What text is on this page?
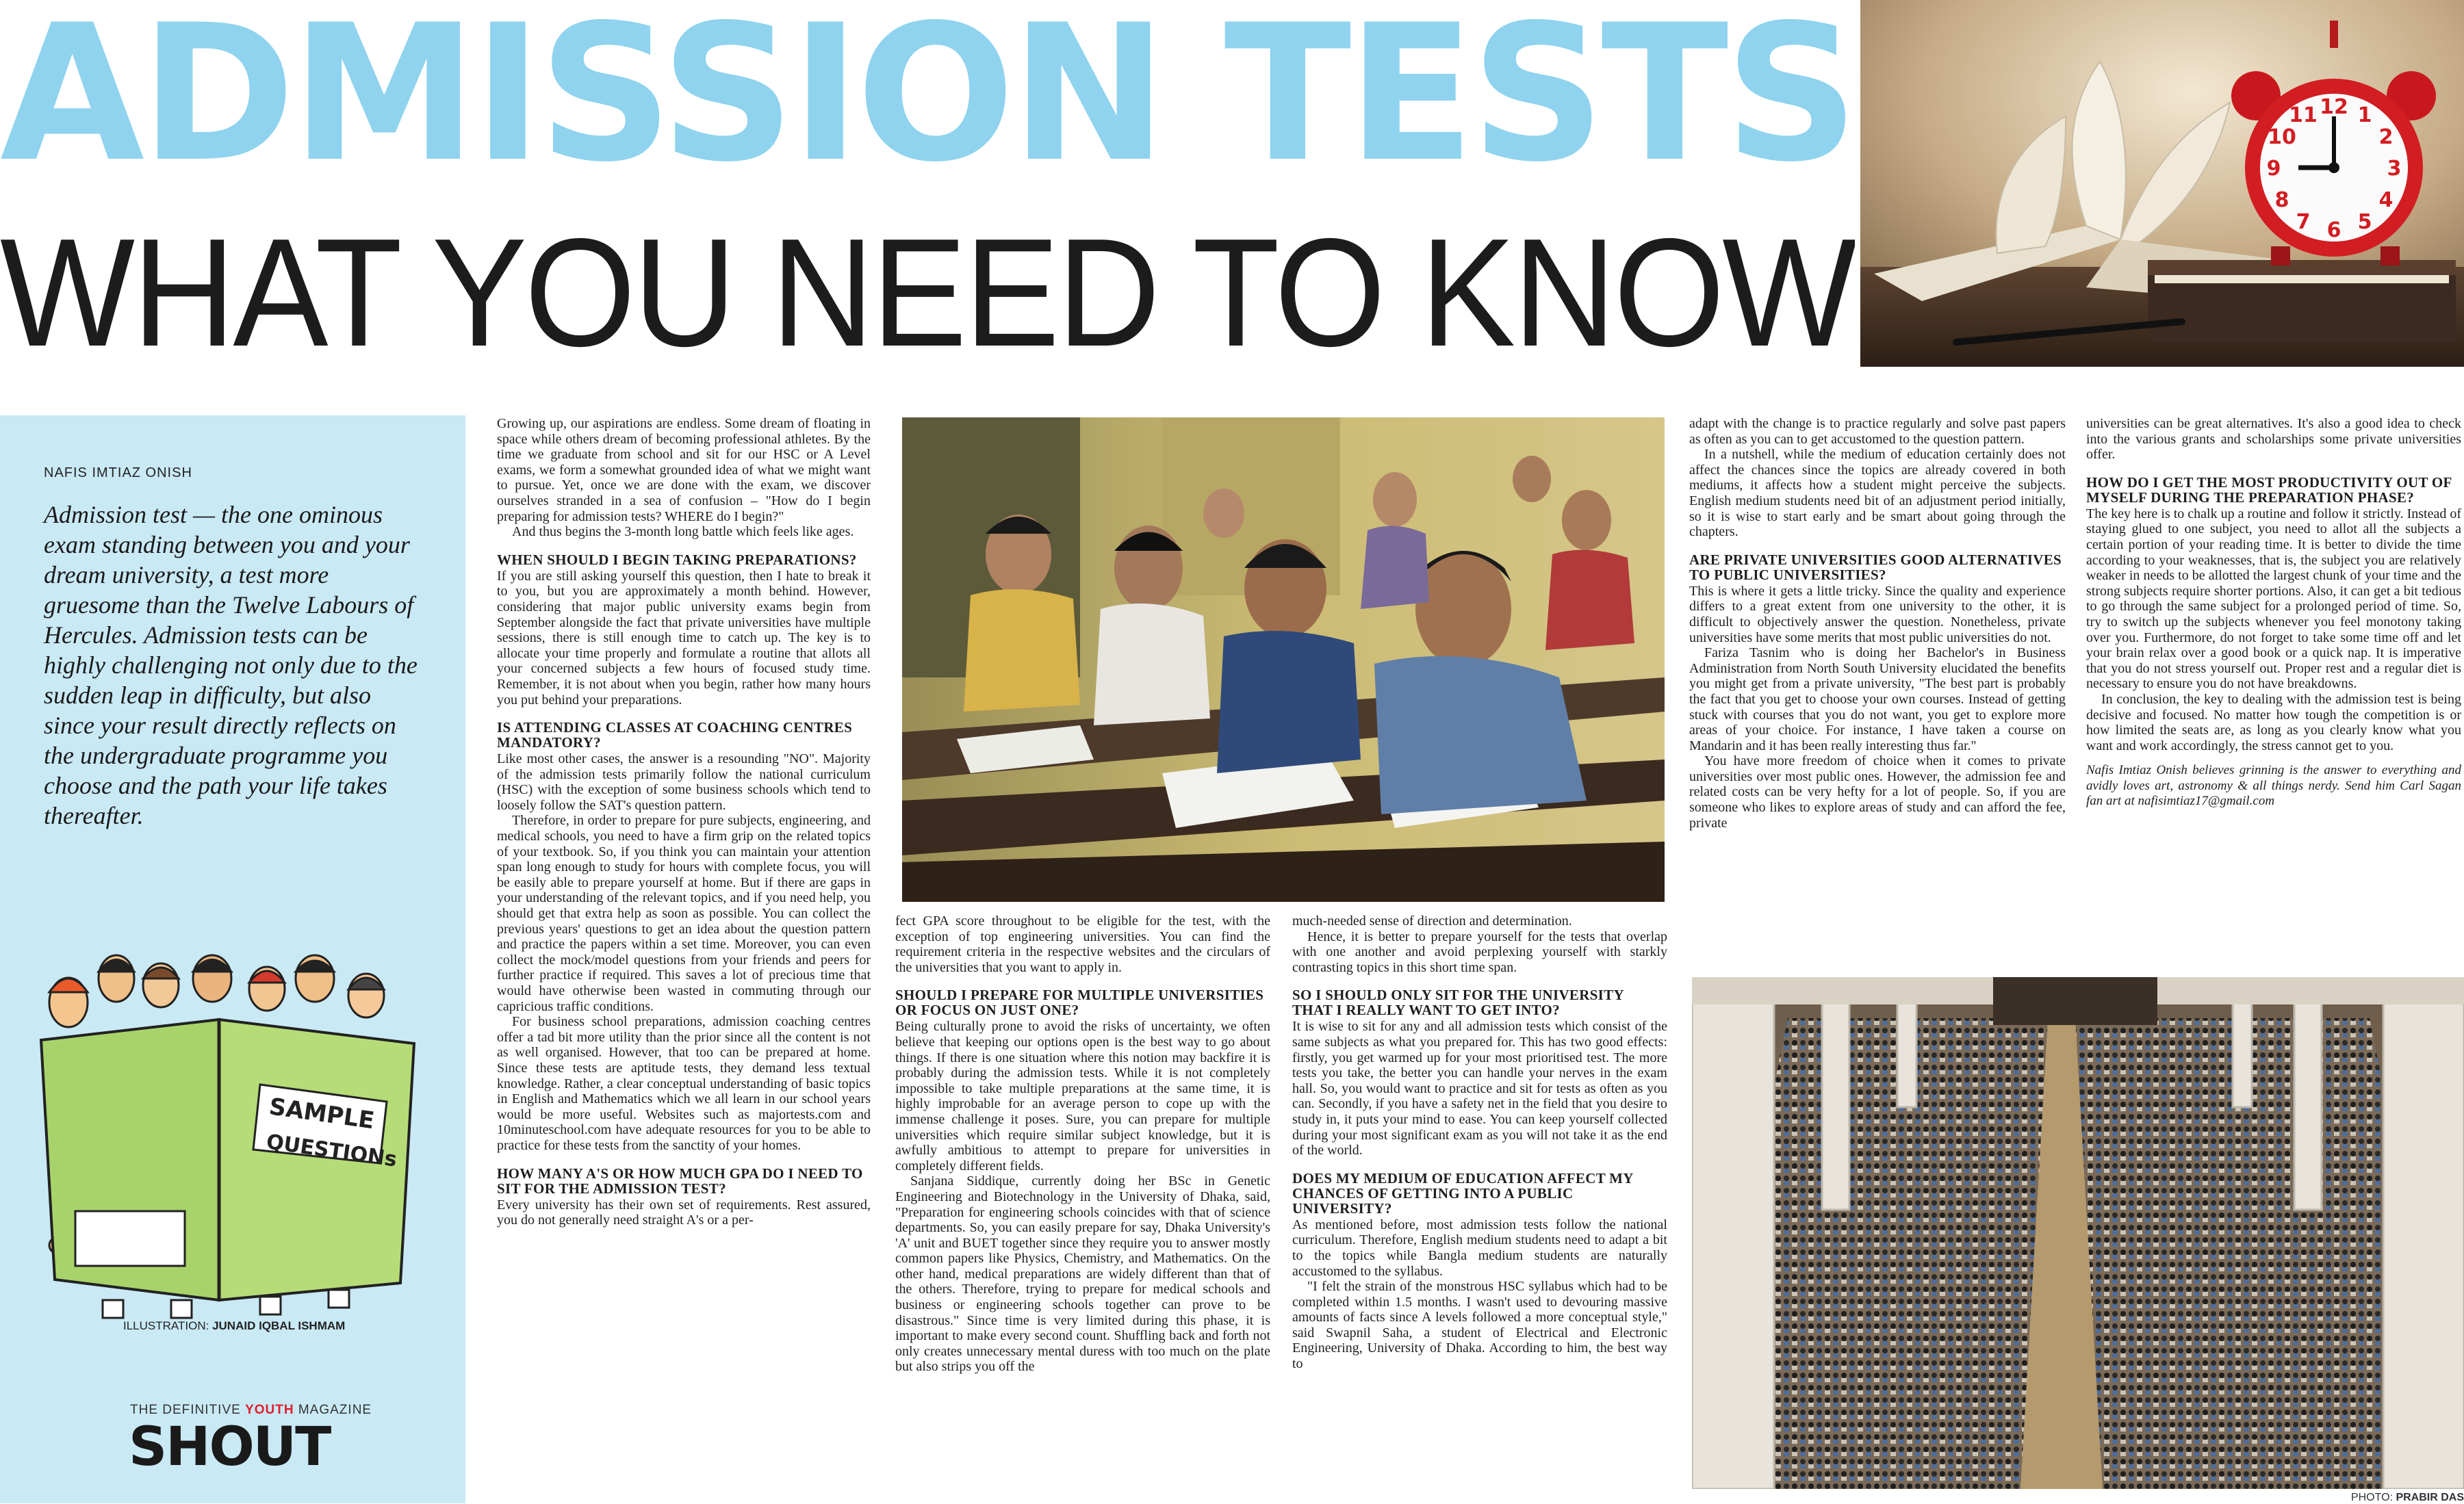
ADMISSION TESTS
WHAT YOU NEED TO KNOW
12 1
2
3
4
5
6
7
8
9
10
11
NAFIS IMTIAZ ONISH
Admission test — the one ominous exam standing between you and your dream university, a test more gruesome than the Twelve Labours of Hercules. Admission tests can be highly challenging not only due to the sudden leap in difficulty, but also since your result directly reflects on the undergraduate programme you choose and the path your life takes thereafter.
SAMPLE
QUESTIONs
ILLUSTRATION: JUNAID IQBAL ISHMAM
THE DEFINITIVE YOUTH MAGAZINE
SHOUT
PHOTO: PRABIR DAS

Growing up, our aspirations are endless. Some dream of floating in space while others dream of becoming professional athletes. By the time we graduate from school and sit for our HSC or A Level exams, we form a somewhat grounded idea of what we might want to pursue. Yet, once we are done with the exam, we discover ourselves stranded in a sea of confusion – "How do I begin preparing for admission tests? WHERE do I begin?"

And thus begins the 3-month long battle which feels like ages.

WHEN SHOULD I BEGIN TAKING PREPARATIONS?

If you are still asking yourself this question, then I hate to break it to you, but you are approximately a month behind. However, considering that major public university exams begin from September alongside the fact that private universities have multiple sessions, there is still enough time to catch up. The key is to allocate your time properly and formulate a routine that allots all your concerned subjects a few hours of focused study time. Remember, it is not about when you begin, rather how many hours you put behind your preparations.

IS ATTENDING CLASSES AT COACHING CENTRES MANDATORY?

Like most other cases, the answer is a resounding "NO". Majority of the admission tests primarily follow the national curriculum (HSC) with the exception of some business schools which tend to loosely follow the SAT's question pattern.

Therefore, in order to prepare for pure subjects, engineering, and medical schools, you need to have a firm grip on the related topics of your textbook. So, if you think you can maintain your attention span long enough to study for hours with complete focus, you will be easily able to prepare yourself at home. But if there are gaps in your understanding of the relevant topics, and if you need help, you should get that extra help as soon as possible. You can collect the previous years' questions to get an idea about the question pattern and practice the papers within a set time. Moreover, you can even collect the mock/model questions from your friends and peers for further practice if required. This saves a lot of precious time that would have otherwise been wasted in commuting through our capricious traffic conditions.

For business school preparations, admission coaching centres offer a tad bit more utility than the prior since all the content is not as well organised. However, that too can be prepared at home. Since these tests are aptitude tests, they demand less textual knowledge. Rather, a clear conceptual understanding of basic topics in English and Mathematics which we all learn in our school years would be more useful. Websites such as majortests.com and 10minuteschool.com have adequate resources for you to be able to practice for these tests from the sanctity of your homes.

HOW MANY A'S OR HOW MUCH GPA DO I NEED TO SIT FOR THE ADMISSION TEST?

Every university has their own set of requirements. Rest assured, you do not generally need straight A's or a per-

fect GPA score throughout to be eligible for the test, with the exception of top engineering universities. You can find the requirement criteria in the respective websites and the circulars of the universities that you want to apply in.

SHOULD I PREPARE FOR MULTIPLE UNIVERSITIES OR FOCUS ON JUST ONE?

Being culturally prone to avoid the risks of uncertainty, we often believe that keeping our options open is the best way to go about things. If there is one situation where this notion may backfire it is probably during the admission tests. While it is not completely impossible to take multiple preparations at the same time, it is highly improbable for an average person to cope up with the immense challenge it poses. Sure, you can prepare for multiple universities which require similar subject knowledge, but it is awfully ambitious to attempt to prepare for universities in completely different fields.

Sanjana Siddique, currently doing her BSc in Genetic Engineering and Biotechnology in the University of Dhaka, said, "Preparation for engineering schools coincides with that of science departments. So, you can easily prepare for say, Dhaka University's 'A' unit and BUET together since they require you to answer mostly common papers like Physics, Chemistry, and Mathematics. On the other hand, medical preparations are widely different than that of the others. Therefore, trying to prepare for medical schools and business or engineering schools together can prove to be disastrous." Since time is very limited during this phase, it is important to make every second count. Shuffling back and forth not only creates unnecessary mental duress with too much on the plate but also strips you off the

much-needed sense of direction and determination.

Hence, it is better to prepare yourself for the tests that overlap with one another and avoid perplexing yourself with starkly contrasting topics in this short time span.

SO I SHOULD ONLY SIT FOR THE UNIVERSITY THAT I REALLY WANT TO GET INTO?

It is wise to sit for any and all admission tests which consist of the same subjects as what you prepared for. This has two good effects: firstly, you get warmed up for your most prioritised test. The more tests you take, the better you can handle your nerves in the exam hall. So, you would want to practice and sit for tests as often as you can. Secondly, if you have a safety net in the field that you desire to study in, it puts your mind to ease. You can keep yourself collected during your most significant exam as you will not take it as the end of the world.

DOES MY MEDIUM OF EDUCATION AFFECT MY CHANCES OF GETTING INTO A PUBLIC UNIVERSITY?

As mentioned before, most admission tests follow the national curriculum. Therefore, English medium students need to adapt a bit to the topics while Bangla medium students are naturally accustomed to the syllabus.

"I felt the strain of the monstrous HSC syllabus which had to be completed within 1.5 months. I wasn't used to devouring massive amounts of facts since A levels followed a more conceptual style," said Swapnil Saha, a student of Electrical and Electronic Engineering, University of Dhaka. According to him, the best way to

adapt with the change is to practice regularly and solve past papers as often as you can to get accustomed to the question pattern.

In a nutshell, while the medium of education certainly does not affect the chances since the topics are already covered in both mediums, it affects how a student might perceive the subjects. English medium students need bit of an adjustment period initially, so it is wise to start early and be smart about going through the chapters.

ARE PRIVATE UNIVERSITIES GOOD ALTERNATIVES TO PUBLIC UNIVERSITIES?

This is where it gets a little tricky. Since the quality and experience differs to a great extent from one university to the other, it is difficult to objectively answer the question. Nonetheless, private universities have some merits that most public universities do not.

Fariza Tasnim who is doing her Bachelor's in Business Administration from North South University elucidated the benefits you might get from a private university, "The best part is probably the fact that you get to choose your own courses. Instead of getting stuck with courses that you do not want, you get to explore more areas of your choice. For instance, I have taken a course on Mandarin and it has been really interesting thus far."

You have more freedom of choice when it comes to private universities over most public ones. However, the admission fee and related costs can be very hefty for a lot of people. So, if you are someone who likes to explore areas of study and can afford the fee, private

universities can be great alternatives. It's also a good idea to check into the various grants and scholarships some private universities offer.

HOW DO I GET THE MOST PRODUCTIVITY OUT OF MYSELF DURING THE PREPARATION PHASE?

The key here is to chalk up a routine and follow it strictly. Instead of staying glued to one subject, you need to allot all the subjects a certain portion of your reading time. It is better to divide the time according to your weaknesses, that is, the subject you are relatively weaker in needs to be allotted the largest chunk of your time and the strong subjects require shorter portions. Also, it can get a bit tedious to go through the same subject for a prolonged period of time. So, try to switch up the subjects whenever you feel monotony taking over you. Furthermore, do not forget to take some time off and let your brain relax over a good book or a quick nap. It is imperative that you do not stress yourself out. Proper rest and a regular diet is necessary to ensure you do not have breakdowns.

In conclusion, the key to dealing with the admission test is being decisive and focused. No matter how tough the competition is or how limited the seats are, as long as you clearly know what you want and work accordingly, the stress cannot get to you.

Nafis Imtiaz Onish believes grinning is the answer to everything and avidly loves art, astronomy & all things nerdy. Send him Carl Sagan fan art at nafisimtiaz17@gmail.com
